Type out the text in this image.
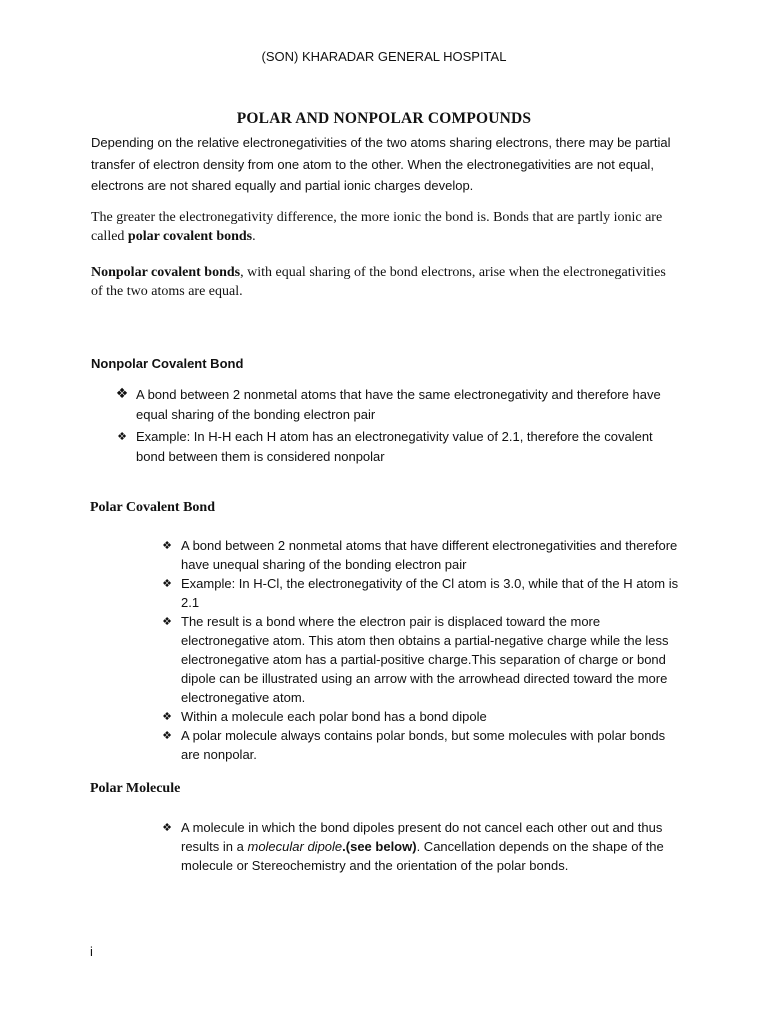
(SON) KHARADAR GENERAL HOSPITAL
POLAR AND NONPOLAR COMPOUNDS
Depending on the relative electronegativities of the two atoms sharing electrons, there may be partial transfer of electron density from one atom to the other. When the electronegativities are not equal, electrons are not shared equally and partial ionic charges develop.
The greater the electronegativity difference, the more ionic the bond is. Bonds that are partly ionic are called polar covalent bonds.
Nonpolar covalent bonds, with equal sharing of the bond electrons, arise when the electronegativities of the two atoms are equal.
Nonpolar Covalent Bond
❖ A bond between 2 nonmetal atoms that have the same electronegativity and therefore have equal sharing of the bonding electron pair
❖ Example: In H-H each H atom has an electronegativity value of 2.1, therefore the covalent bond between them is considered nonpolar
Polar Covalent Bond
❖ A bond between 2 nonmetal atoms that have different electronegativities and therefore have unequal sharing of the bonding electron pair
❖ Example: In H-Cl, the electronegativity of the Cl atom is 3.0, while that of the H atom is 2.1
❖ The result is a bond where the electron pair is displaced toward the more electronegative atom. This atom then obtains a partial-negative charge while the less electronegative atom has a partial-positive charge.This separation of charge or bond dipole can be illustrated using an arrow with the arrowhead directed toward the more electronegative atom.
❖ Within a molecule each polar bond has a bond dipole
❖ A polar molecule always contains polar bonds, but some molecules with polar bonds are nonpolar.
Polar Molecule
❖ A molecule in which the bond dipoles present do not cancel each other out and thus results in a molecular dipole.(see below). Cancellation depends on the shape of the molecule or Stereochemistry and the orientation of the polar bonds.
i
